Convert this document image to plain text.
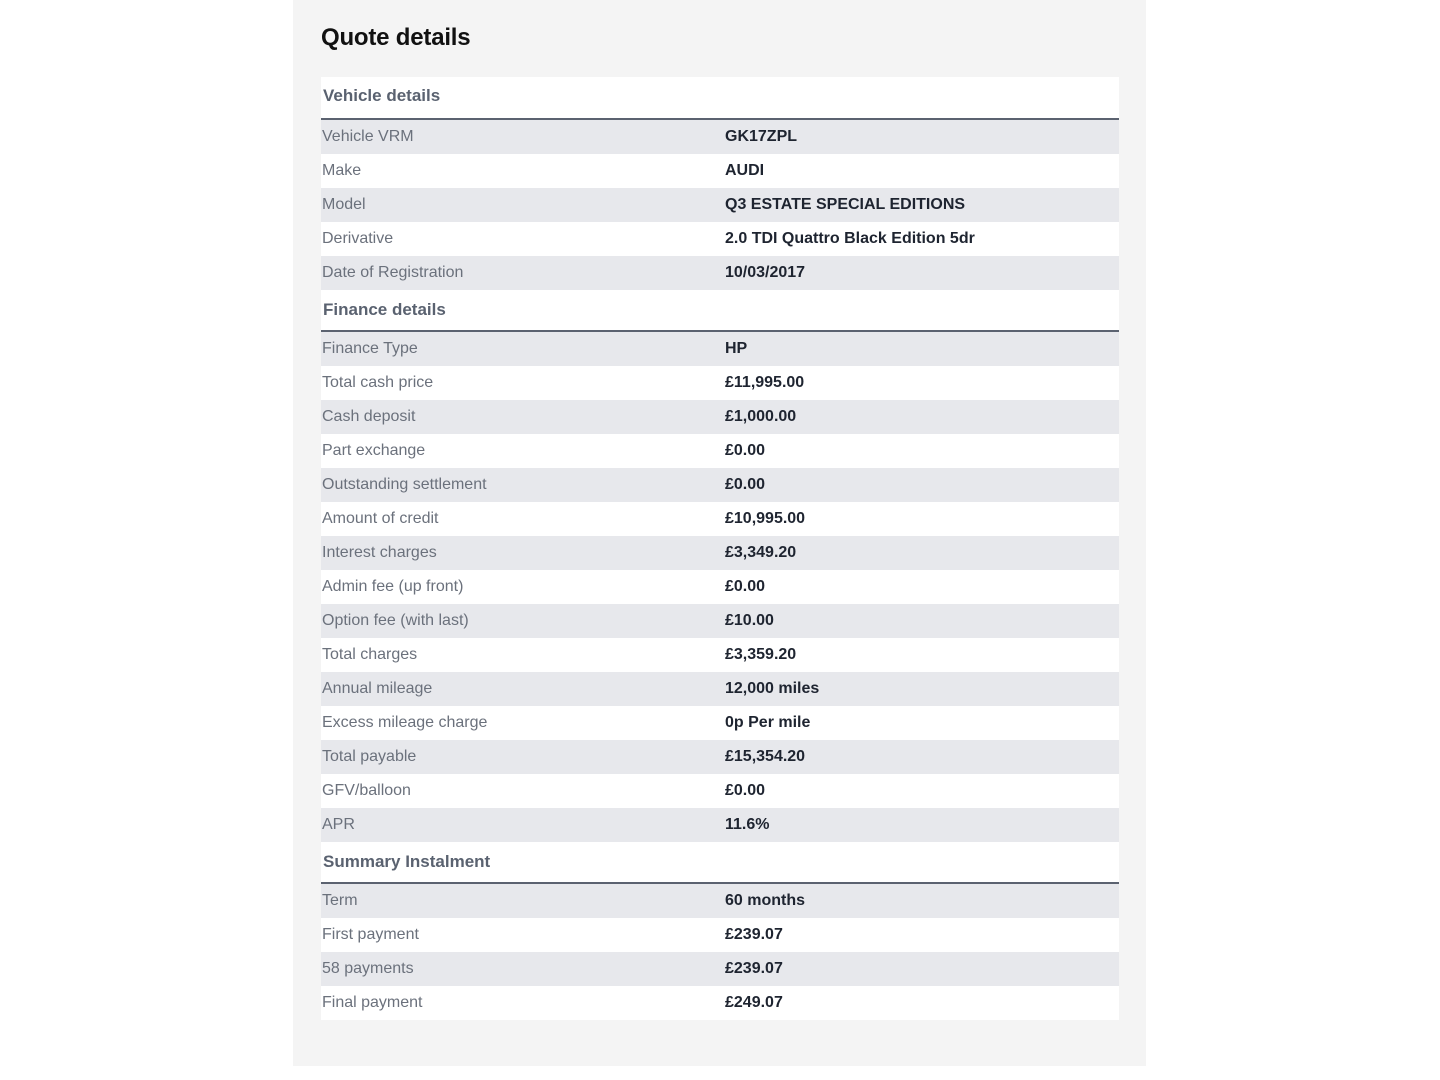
Quote details
Vehicle details
Vehicle VRM	GK17ZPL
Make	AUDI
Model	Q3 ESTATE SPECIAL EDITIONS
Derivative	2.0 TDI Quattro Black Edition 5dr
Date of Registration	10/03/2017
Finance details
Finance Type	HP
Total cash price	£11,995.00
Cash deposit	£1,000.00
Part exchange	£0.00
Outstanding settlement	£0.00
Amount of credit	£10,995.00
Interest charges	£3,349.20
Admin fee (up front)	£0.00
Option fee (with last)	£10.00
Total charges	£3,359.20
Annual mileage	12,000 miles
Excess mileage charge	0p Per mile
Total payable	£15,354.20
GFV/balloon	£0.00
APR	11.6%
Summary Instalment
Term	60 months
First payment	£239.07
58 payments	£239.07
Final payment	£249.07
